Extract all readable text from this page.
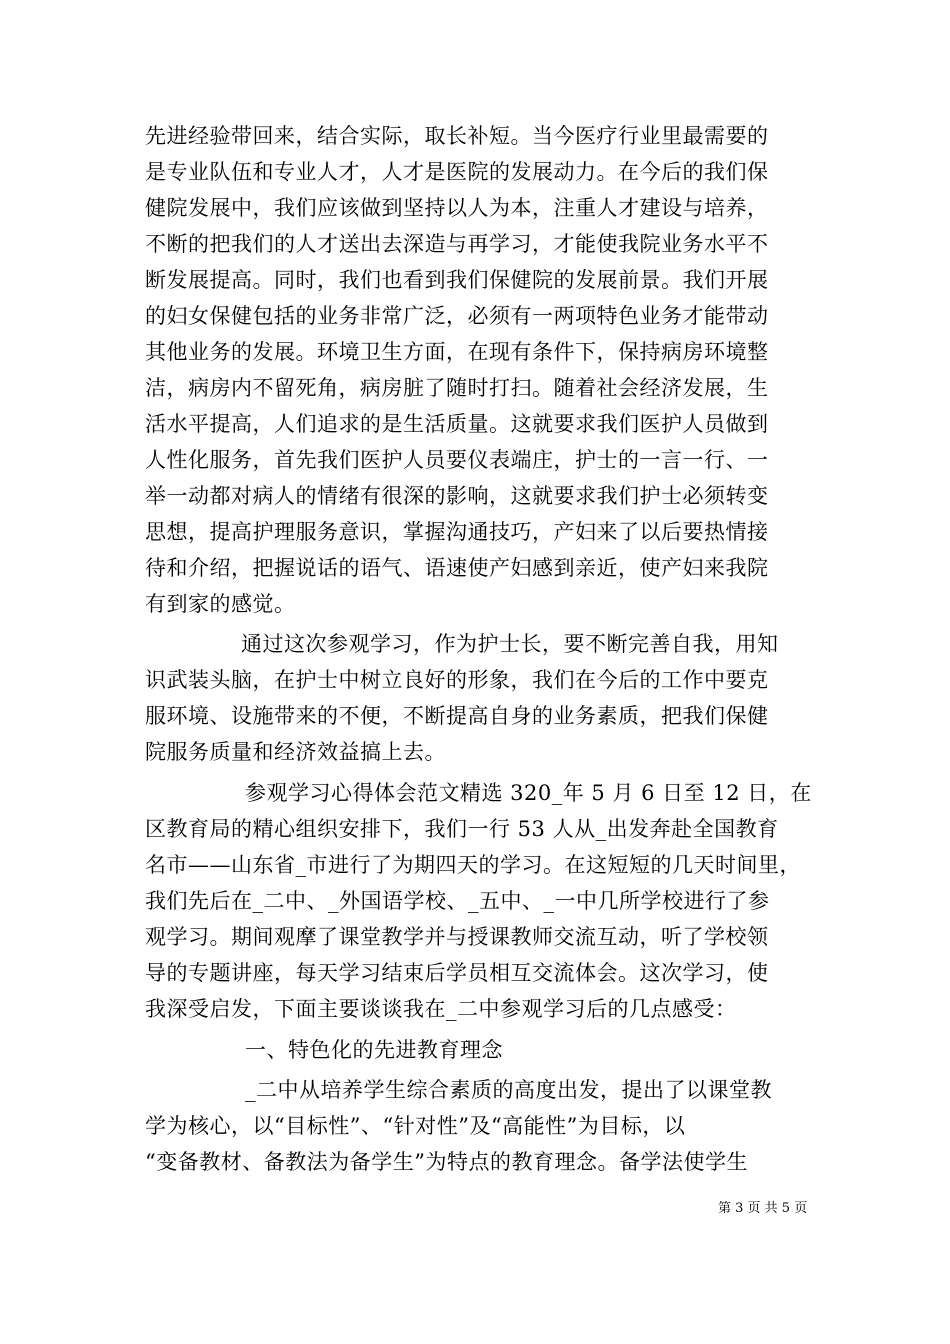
先进经验带回来，结合实际，取长补短。当今医疗行业里最需要的
是专业队伍和专业人才，人才是医院的发展动力。在今后的我们保
健院发展中，我们应该做到坚持以人为本，注重人才建设与培养，
不断的把我们的人才送出去深造与再学习，才能使我院业务水平不
断发展提高。同时，我们也看到我们保健院的发展前景。我们开展
的妇女保健包括的业务非常广泛，必须有一两项特色业务才能带动
其他业务的发展。环境卫生方面，在现有条件下，保持病房环境整
洁，病房内不留死角，病房脏了随时打扫。随着社会经济发展，生
活水平提高，人们追求的是生活质量。这就要求我们医护人员做到
人性化服务，首先我们医护人员要仪表端庄，护士的一言一行、一
举一动都对病人的情绪有很深的影响，这就要求我们护士必须转变
思想，提高护理服务意识，掌握沟通技巧，产妇来了以后要热情接
待和介绍，把握说话的语气、语速使产妇感到亲近，使产妇来我院
有到家的感觉。
通过这次参观学习，作为护士长，要不断完善自我，用知
识武装头脑，在护士中树立良好的形象，我们在今后的工作中要克
服环境、设施带来的不便，不断提高自身的业务素质，把我们保健
院服务质量和经济效益搞上去。
参观学习心得体会范文精选 320_年 5 月 6 日至 12 日，在
区教育局的精心组织安排下，我们一行 53 人从_出发奔赴全国教育
名市——山东省_市进行了为期四天的学习。在这短短的几天时间里，
我们先后在_二中、_外国语学校、_五中、_一中几所学校进行了参
观学习。期间观摩了课堂教学并与授课教师交流互动，听了学校领
导的专题讲座，每天学习结束后学员相互交流体会。这次学习，使
我深受启发，下面主要谈谈我在_二中参观学习后的几点感受：
一、特色化的先进教育理念
_二中从培养学生综合素质的高度出发，提出了以课堂教
学为核心，以“目标性”、“针对性”及“高能性”为目标，以
“变备教材、备教法为备学生”为特点的教育理念。备学法使学生
第 3 页 共 5 页
